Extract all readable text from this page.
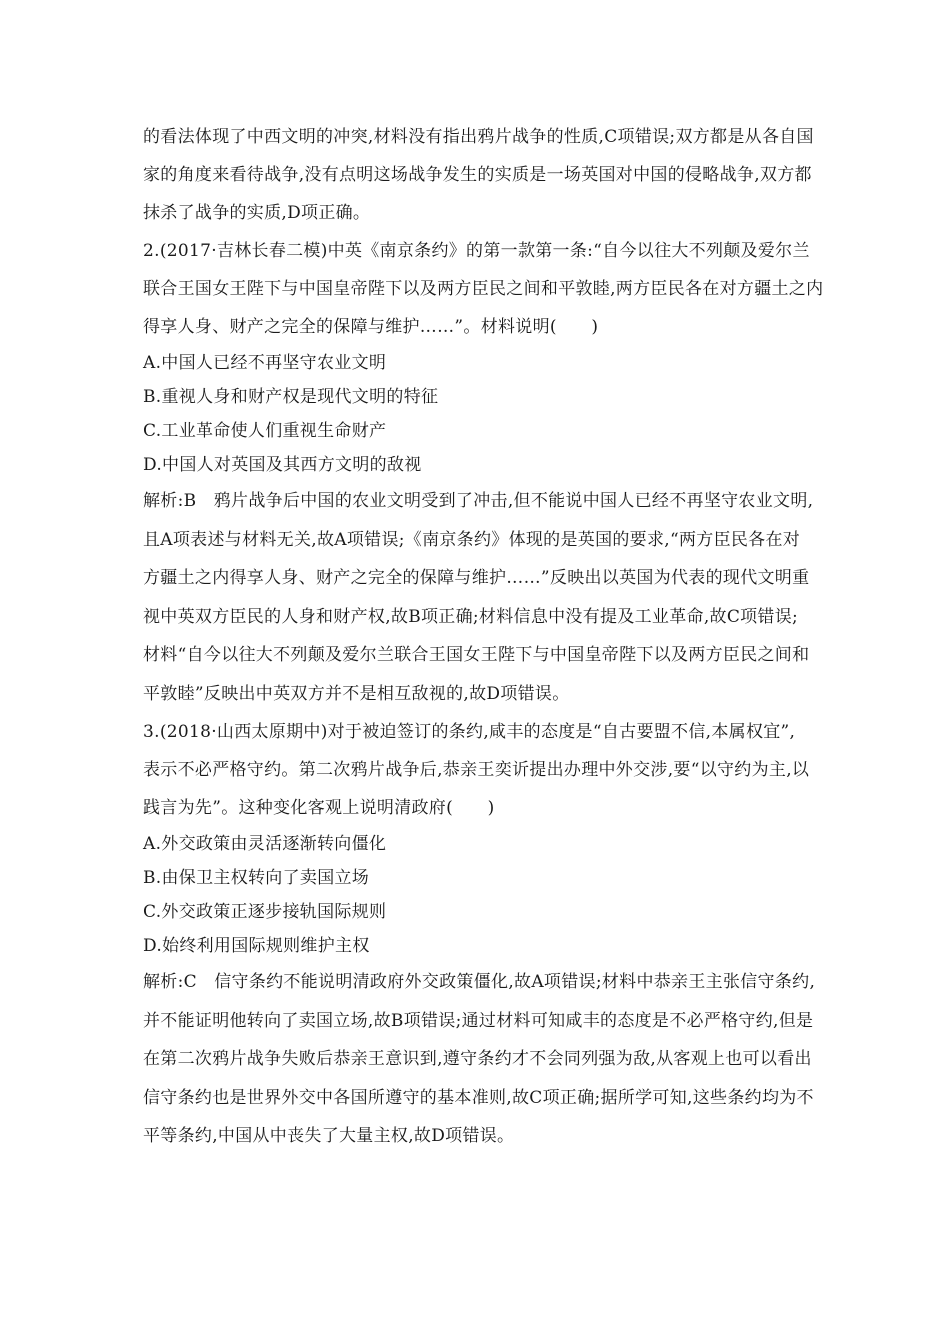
的看法体现了中西文明的冲突,材料没有指出鸦片战争的性质,C项错误;双方都是从各自国
家的角度来看待战争,没有点明这场战争发生的实质是一场英国对中国的侵略战争,双方都
抹杀了战争的实质,D项正确。
2.(2017·吉林长春二模)中英《南京条约》的第一款第一条:“自今以往大不列颠及爱尔兰
联合王国女王陛下与中国皇帝陛下以及两方臣民之间和平敦睦,两方臣民各在对方疆土之内
得享人身、财产之完全的保障与维护……”。材料说明(　　)
A.中国人已经不再坚守农业文明
B.重视人身和财产权是现代文明的特征
C.工业革命使人们重视生命财产
D.中国人对英国及其西方文明的敌视
解析:B　鸦片战争后中国的农业文明受到了冲击,但不能说中国人已经不再坚守农业文明,
且A项表述与材料无关,故A项错误;《南京条约》体现的是英国的要求,“两方臣民各在对
方疆土之内得享人身、财产之完全的保障与维护……”反映出以英国为代表的现代文明重
视中英双方臣民的人身和财产权,故B项正确;材料信息中没有提及工业革命,故C项错误;
材料“自今以往大不列颠及爱尔兰联合王国女王陛下与中国皇帝陛下以及两方臣民之间和
平敦睦”反映出中英双方并不是相互敌视的,故D项错误。
3.(2018·山西太原期中)对于被迫签订的条约,咸丰的态度是“自古要盟不信,本属权宜”,
表示不必严格守约。第二次鸦片战争后,恭亲王奕䜣提出办理中外交涉,要“以守约为主,以
践言为先”。这种变化客观上说明清政府(　　)
A.外交政策由灵活逐渐转向僵化
B.由保卫主权转向了卖国立场
C.外交政策正逐步接轨国际规则
D.始终利用国际规则维护主权
解析:C　信守条约不能说明清政府外交政策僵化,故A项错误;材料中恭亲王主张信守条约,
并不能证明他转向了卖国立场,故B项错误;通过材料可知咸丰的态度是不必严格守约,但是
在第二次鸦片战争失败后恭亲王意识到,遵守条约才不会同列强为敌,从客观上也可以看出
信守条约也是世界外交中各国所遵守的基本准则,故C项正确;据所学可知,这些条约均为不
平等条约,中国从中丧失了大量主权,故D项错误。
